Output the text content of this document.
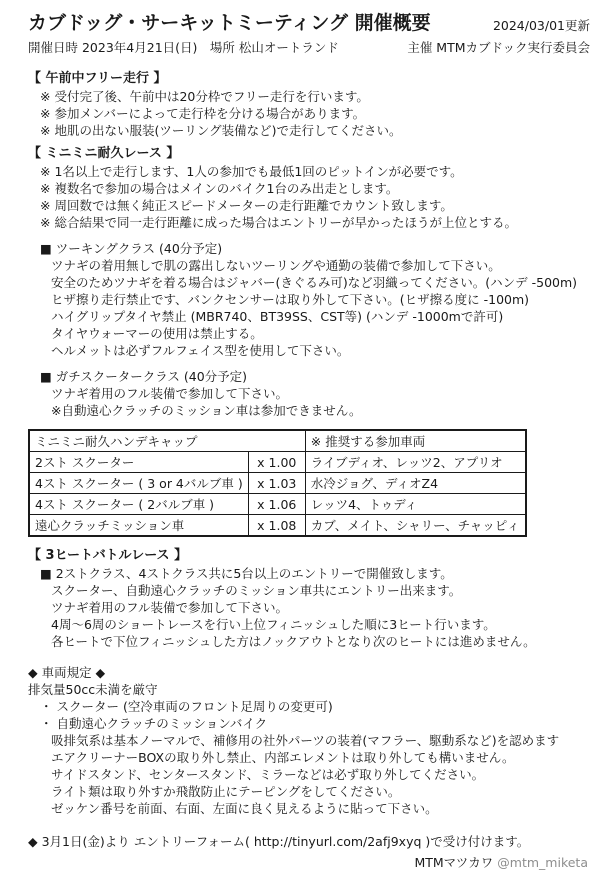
カブドッグ・サーキットミーティング 開催概要	2024/03/01更新
開催日時 2023年4月21日(日)　場所 松山オートランド	主催 MTMカブドック実行委員会
【 午前中フリー走行 】
※ 受付完了後、午前中は20分枠でフリー走行を行います。
※ 参加メンバーによって走行枠を分ける場合があります。
※ 地肌の出ない服装(ツーリング装備など)で走行してください。
【 ミニミニ耐久レース 】
※ 1名以上で走行します、1人の参加でも最低1回のピットインが必要です。
※ 複数名で参加の場合はメインのバイク1台のみ出走とします。
※ 周回数では無く純正スピードメーターの走行距離でカウント致します。
※ 総合結果で同一走行距離に成った場合はエントリーが早かったほうが上位とする。
■ ツーキングクラス (40分予定)
ツナギの着用無しで肌の露出しないツーリングや通勤の装備で参加して下さい。
安全のためツナギを着る場合はジャバー(きぐるみ可)など羽織ってください。(ハンデ -500m)
ヒザ擦り走行禁止です、バンクセンサーは取り外して下さい。(ヒザ擦る度に -100m)
ハイグリップタイヤ禁止 (MBR740、BT39SS、CST等) (ハンデ -1000mで許可)
タイヤウォーマーの使用は禁止する。
ヘルメットは必ずフルフェイス型を使用して下さい。
■ ガチスクータークラス (40分予定)
ツナギ着用のフル装備で参加して下さい。
※自動遠心クラッチのミッション車は参加できません。
ミニミニ耐久ハンデキャップ		※ 推奨する参加車両
2スト スクーター	x 1.00	ライブディオ、レッツ2、アプリオ
4スト スクーター ( 3 or 4バルブ車 )	x 1.03	水冷ジョグ、ディオZ4
4スト スクーター ( 2バルブ車 )	x 1.06	レッツ4、トゥディ
遠心クラッチミッション車	x 1.08	カブ、メイト、シャリー、チャッピィ
【 3ヒートバトルレース 】
■ 2ストクラス、4ストクラス共に5台以上のエントリーで開催致します。
スクーター、自動遠心クラッチのミッション車共にエントリー出来ます。
ツナギ着用のフル装備で参加して下さい。
4周～6周のショートレースを行い上位フィニッシュした順に3ヒート行います。
各ヒートで下位フィニッシュした方はノックアウトとなり次のヒートには進めません。
◆ 車両規定 ◆
排気量50cc未満を厳守
・ スクーター (空冷車両のフロント足周りの変更可)
・ 自動遠心クラッチのミッションバイク
吸排気系は基本ノーマルで、補修用の社外パーツの装着(マフラー、駆動系など)を認めます
エアクリーナーBOXの取り外し禁止、内部エレメントは取り外しても構いません。
サイドスタンド、センタースタンド、ミラーなどは必ず取り外してください。
ライト類は取り外すか飛散防止にテーピングをしてください。
ゼッケン番号を前面、右面、左面に良く見えるように貼って下さい。
◆ 3月1日(金)より エントリーフォーム( http://tinyurl.com/2afj9xyq )で受け付けます。
MTMマツカワ @mtm_miketa
